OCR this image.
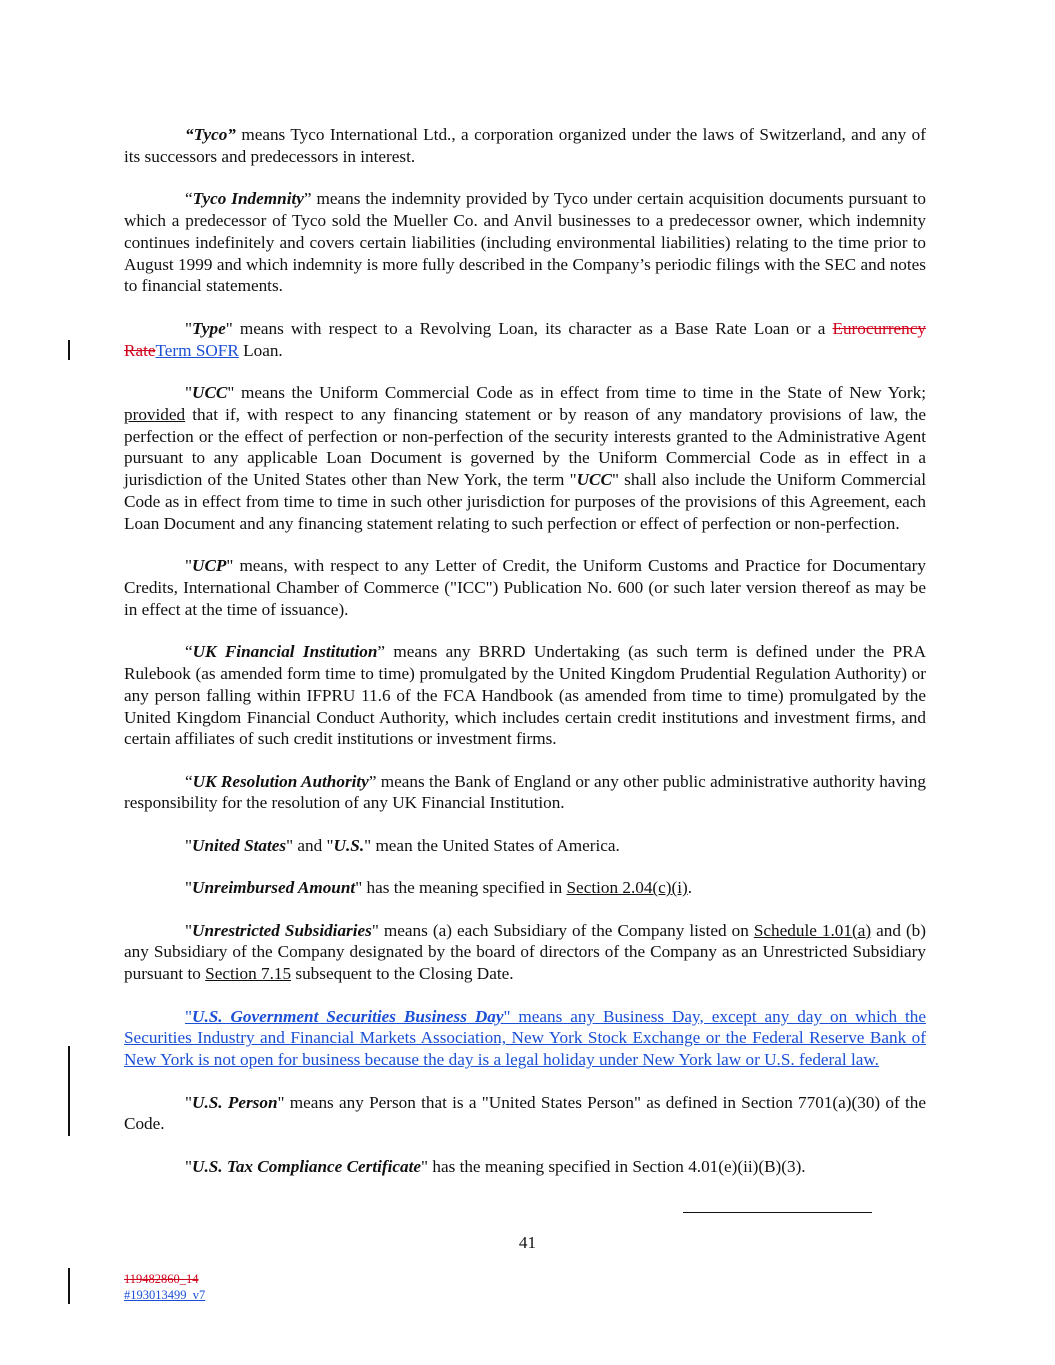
“Tyco” means Tyco International Ltd., a corporation organized under the laws of Switzerland, and any of its successors and predecessors in interest.

“Tyco Indemnity” means the indemnity provided by Tyco under certain acquisition documents pursuant to which a predecessor of Tyco sold the Mueller Co. and Anvil businesses to a predecessor owner, which indemnity continues indefinitely and covers certain liabilities (including environmental liabilities) relating to the time prior to August 1999 and which indemnity is more fully described in the Company’s periodic filings with the SEC and notes to financial statements.

"Type" means with respect to a Revolving Loan, its character as a Base Rate Loan or a Eurocurrency RateTerm SOFR Loan.

"UCC" means the Uniform Commercial Code as in effect from time to time in the State of New York; provided that if, with respect to any financing statement or by reason of any mandatory provisions of law, the perfection or the effect of perfection or non-perfection of the security interests granted to the Administrative Agent pursuant to any applicable Loan Document is governed by the Uniform Commercial Code as in effect in a jurisdiction of the United States other than New York, the term "UCC" shall also include the Uniform Commercial Code as in effect from time to time in such other jurisdiction for purposes of the provisions of this Agreement, each Loan Document and any financing statement relating to such perfection or effect of perfection or non-perfection.

"UCP" means, with respect to any Letter of Credit, the Uniform Customs and Practice for Documentary Credits, International Chamber of Commerce ("ICC") Publication No. 600 (or such later version thereof as may be in effect at the time of issuance).

“UK Financial Institution” means any BRRD Undertaking (as such term is defined under the PRA Rulebook (as amended form time to time) promulgated by the United Kingdom Prudential Regulation Authority) or any person falling within IFPRU 11.6 of the FCA Handbook (as amended from time to time) promulgated by the United Kingdom Financial Conduct Authority, which includes certain credit institutions and investment firms, and certain affiliates of such credit institutions or investment firms.

“UK Resolution Authority” means the Bank of England or any other public administrative authority having responsibility for the resolution of any UK Financial Institution.

"United States" and "U.S." mean the United States of America.

"Unreimbursed Amount" has the meaning specified in Section 2.04(c)(i).

"Unrestricted Subsidiaries" means (a) each Subsidiary of the Company listed on Schedule 1.01(a) and (b) any Subsidiary of the Company designated by the board of directors of the Company as an Unrestricted Subsidiary pursuant to Section 7.15 subsequent to the Closing Date.

"U.S. Government Securities Business Day" means any Business Day, except any day on which the Securities Industry and Financial Markets Association, New York Stock Exchange or the Federal Reserve Bank of New York is not open for business because the day is a legal holiday under New York law or U.S. federal law.

"U.S. Person" means any Person that is a "United States Person" as defined in Section 7701(a)(30) of the Code.

"U.S. Tax Compliance Certificate" has the meaning specified in Section 4.01(e)(ii)(B)(3).

41
119482860_14
#193013499_v7
